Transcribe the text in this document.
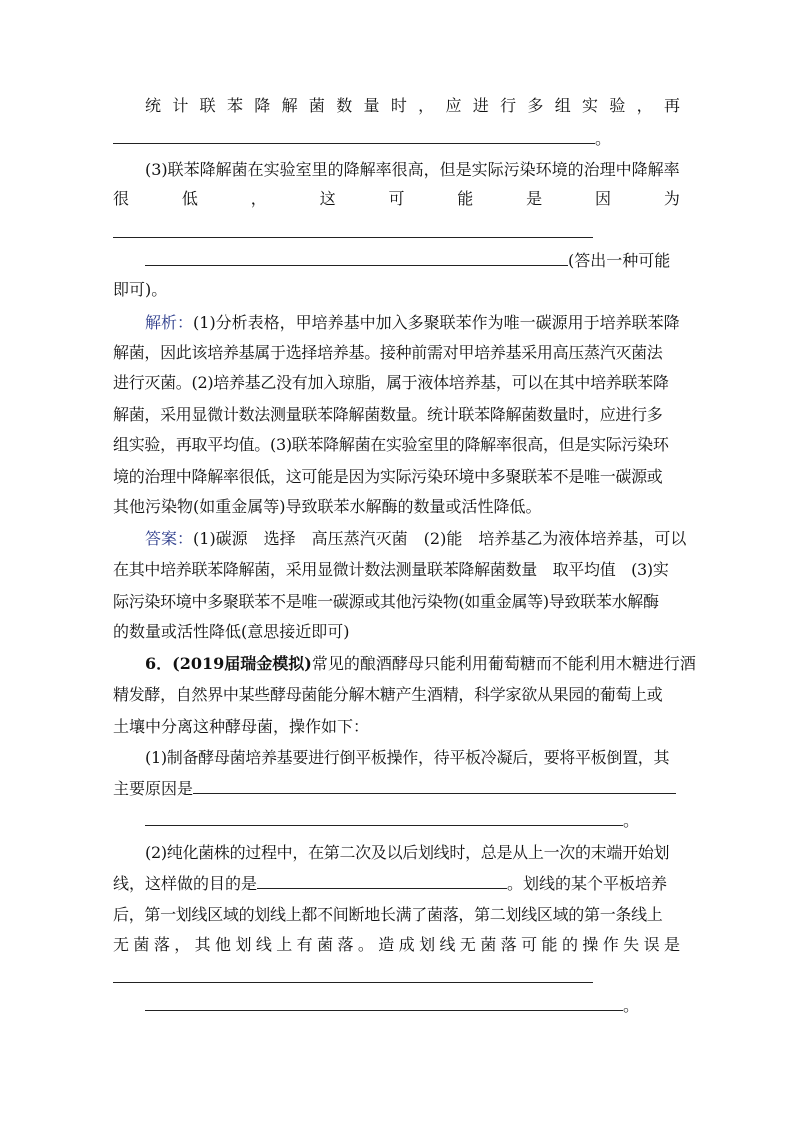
统 计 联 苯 降 解 菌 数 量 时 ， 应 进 行 多 组 实 验 ， 再
。
(3)联苯降解菌在实验室里的降解率很高，但是实际污染环境的治理中降解率
很	低	，	这	可	能	是	因	为
(答出一种可能
即可)。
解析：(1)分析表格，甲培养基中加入多聚联苯作为唯一碳源用于培养联苯降
解菌，因此该培养基属于选择培养基。接种前需对甲培养基采用高压蒸汽灭菌法
进行灭菌。(2)培养基乙没有加入琼脂，属于液体培养基，可以在其中培养联苯降
解菌，采用显微计数法测量联苯降解菌数量。统计联苯降解菌数量时，应进行多
组实验，再取平均值。(3)联苯降解菌在实验室里的降解率很高，但是实际污染环
境的治理中降解率很低，这可能是因为实际污染环境中多聚联苯不是唯一碳源或
其他污染物(如重金属等)导致联苯水解酶的数量或活性降低。
答案：(1)碳源　选择　高压蒸汽灭菌　(2)能　培养基乙为液体培养基，可以
在其中培养联苯降解菌，采用显微计数法测量联苯降解菌数量　取平均值　(3)实
际污染环境中多聚联苯不是唯一碳源或其他污染物(如重金属等)导致联苯水解酶
的数量或活性降低(意思接近即可)
6．(2019届瑞金模拟)常见的酿酒酵母只能利用葡萄糖而不能利用木糖进行酒
精发酵，自然界中某些酵母菌能分解木糖产生酒精，科学家欲从果园的葡萄上或
土壤中分离这种酵母菌，操作如下：
(1)制备酵母菌培养基要进行倒平板操作，待平板冷凝后，要将平板倒置，其
主要原因是
。
(2)纯化菌株的过程中，在第二次及以后划线时，总是从上一次的末端开始划
线，这样做的目的是	。划线的某个平板培养
后，第一划线区域的划线上都不间断地长满了菌落，第二划线区域的第一条线上
无 菌 落 ， 其 他 划 线 上 有 菌 落 。 造 成 划 线 无 菌 落 可 能 的 操 作 失 误 是
。
